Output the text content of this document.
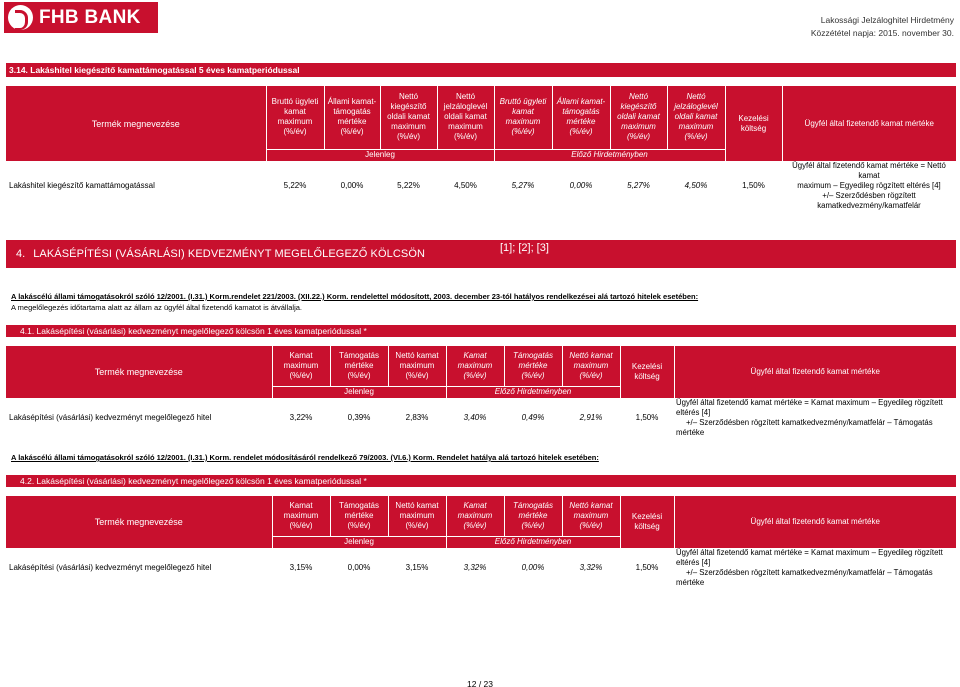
FHB BANK	Lakossági Jelzáloghitel Hirdetmény
Közzététel napja: 2015. november 30.
3.14. Lakáshitel kiegészítő kamattámogatással 5 éves kamatperiódussal
Termék megnevezése	Bruttó ügyleti
kamat
maximum
(%/év)	Állami kamat-
támogatás
mértéke
(%/év)	Nettó
kiegészítő
oldali kamat
maximum
(%/év)	Nettó
jelzáloglevél
oldali kamat
maximum
(%/év)	Bruttó ügyleti
kamat
maximum
(%/év)	Állami kamat-
támogatás
mértéke
(%/év)	Nettó
kiegészítő
oldali kamat
maximum
(%/év)	Nettó
jelzáloglevél
oldali kamat
maximum
(%/év)	Kezelési
költség	Ügyfél által fizetendő kamat mértéke
	Jelenleg				Előző Hirdetményben					
Lakáshitel kiegészítő kamattámogatással	5,22%	0,00%	5,22%	4,50%	5,27%	0,00%	5,27%	4,50%	1,50%	Ügyfél által fizetendő kamat mértéke = Nettó kamat
maximum – Egyedileg rögzített eltérés [4]
+/– Szerződésben rögzített
kamatkedvezmény/kamatfelár
4. LAKÁSÉPÍTÉSI (VÁSÁRLÁSI) KEDVEZMÉNYT MEGELŐLEGEZŐ KÖLCSÖN	[1]; [2]; [3]
A lakáscélú állami támogatásokról szóló 12/2001. (I.31.) Korm.rendelet 221/2003. (XII.22.) Korm. rendelettel módosított, 2003. december 23-tól hatályos rendelkezései alá tartozó hitelek esetében:
A megelőlegezés időtartama alatt az állam az ügyfél által fizetendő kamatot is átvállalja.
4.1. Lakásépítési (vásárlási) kedvezményt megelőlegező kölcsön 1 éves kamatperiódussal *
Termék megnevezése	Kamat
maximum
(%/év)	Támogatás
mértéke
(%/év)	Nettó kamat
maximum
(%/év)	Kamat
maximum
(%/év)	Támogatás
mértéke
(%/év)	Nettó kamat
maximum
(%/év)	Kezelési
költség	Ügyfél által fizetendő kamat mértéke
	Jelenleg			Előző Hirdetményben				
Lakásépítési (vásárlási) kedvezményt megelőlegező hitel	3,22%	0,39%	2,83%	3,40%	0,49%	2,91%	1,50%	Ügyfél által fizetendő kamat mértéke = Kamat maximum – Egyedileg rögzített eltérés [4]
+/– Szerződésben rögzített kamatkedvezmény/kamatfelár – Támogatás mértéke
A lakáscélú állami támogatásokról szóló 12/2001. (I.31.) Korm. rendelet módosításáról rendelkező 79/2003. (VI.6.) Korm. Rendelet hatálya alá tartozó hitelek esetében:
4.2. Lakásépítési (vásárlási) kedvezményt megelőlegező kölcsön 1 éves kamatperiódussal *
Termék megnevezése	Kamat
maximum
(%/év)	Támogatás
mértéke
(%/év)	Nettó kamat
maximum
(%/év)	Kamat
maximum
(%/év)	Támogatás
mértéke
(%/év)	Nettó kamat
maximum
(%/év)	Kezelési
költség	Ügyfél által fizetendő kamat mértéke
	Jelenleg			Előző Hirdetményben				
Lakásépítési (vásárlási) kedvezményt megelőlegező hitel	3,15%	0,00%	3,15%	3,32%	0,00%	3,32%	1,50%	Ügyfél által fizetendő kamat mértéke = Kamat maximum – Egyedileg rögzített eltérés [4]
+/– Szerződésben rögzített kamatkedvezmény/kamatfelár – Támogatás mértéke
12 / 23
